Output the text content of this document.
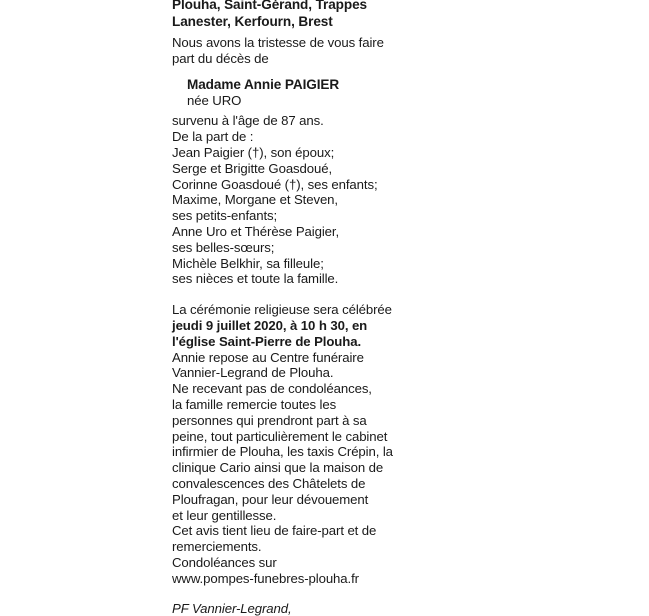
Plouha, Saint-Gérand, Trappes

Lanester, Kerfourn, Brest

Nous avons la tristesse de vous faire
part du décès de
Madame Annie PAIGIER
née URO
survenu à l'âge de 87 ans.
De la part de :
Jean Paigier (†), son époux;
Serge et Brigitte Goasdoué,
Corinne Goasdoué (†), ses enfants;
Maxime, Morgane et Steven,
ses petits-enfants;
Anne Uro et Thérèse Paigier,
ses belles-sœurs;
Michèle Belkhir, sa filleule;
ses nièces et toute la famille.
La cérémonie religieuse sera célébrée
jeudi 9 juillet 2020, à 10 h 30, en
l'église Saint-Pierre de Plouha.
Annie repose au Centre funéraire
Vannier-Legrand de Plouha.
Ne recevant pas de condoléances,
la famille remercie toutes les
personnes qui prendront part à sa
peine, tout particulièrement le cabinet
infirmier de Plouha, les taxis Crépin, la
clinique Cario ainsi que la maison de
convalescences des Châtelets de
Ploufragan, pour leur dévouement
et leur gentillesse.
Cet avis tient lieu de faire-part et de
remerciements.
Condoléances sur
www.pompes-funebres-plouha.fr
PF Vannier-Legrand,
